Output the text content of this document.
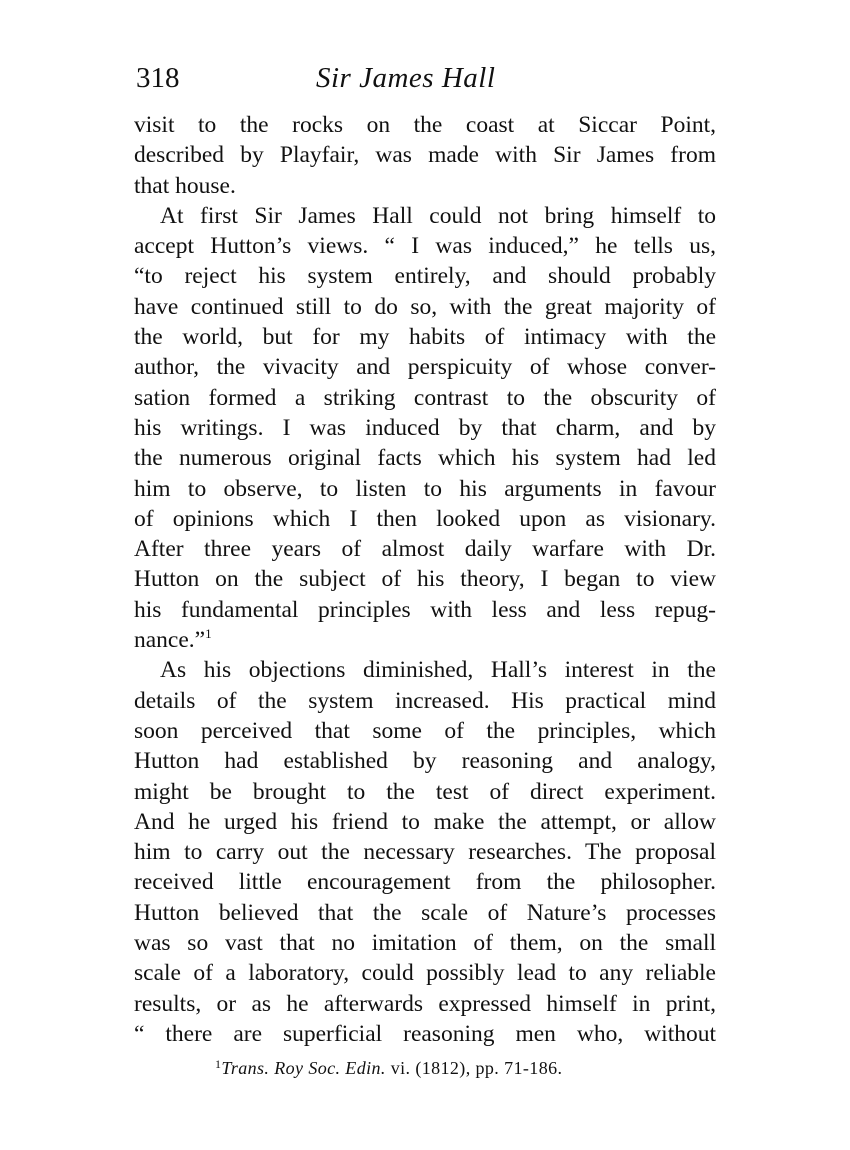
318	Sir James Hall
visit to the rocks on the coast at Siccar Point,
described by Playfair, was made with Sir James from
that house.
At first Sir James Hall could not bring himself to
accept Hutton’s views. “ I was induced,” he tells us,
“to reject his system entirely, and should probably
have continued still to do so, with the great majority of
the world, but for my habits of intimacy with the
author, the vivacity and perspicuity of whose conver-
sation formed a striking contrast to the obscurity of
his writings. I was induced by that charm, and by
the numerous original facts which his system had led
him to observe, to listen to his arguments in favour
of opinions which I then looked upon as visionary.
After three years of almost daily warfare with Dr.
Hutton on the subject of his theory, I began to view
his fundamental principles with less and less repug-
nance.”$^1$
As his objections diminished, Hall’s interest in the
details of the system increased. His practical mind
soon perceived that some of the principles, which
Hutton had established by reasoning and analogy,
might be brought to the test of direct experiment.
And he urged his friend to make the attempt, or allow
him to carry out the necessary researches. The proposal
received little encouragement from the philosopher.
Hutton believed that the scale of Nature’s processes
was so vast that no imitation of them, on the small
scale of a laboratory, could possibly lead to any reliable
results, or as he afterwards expressed himself in print,
“ there are superficial reasoning men who, without
$^1$Trans. Roy Soc. Edin. vi. (1812), pp. 71-186.
